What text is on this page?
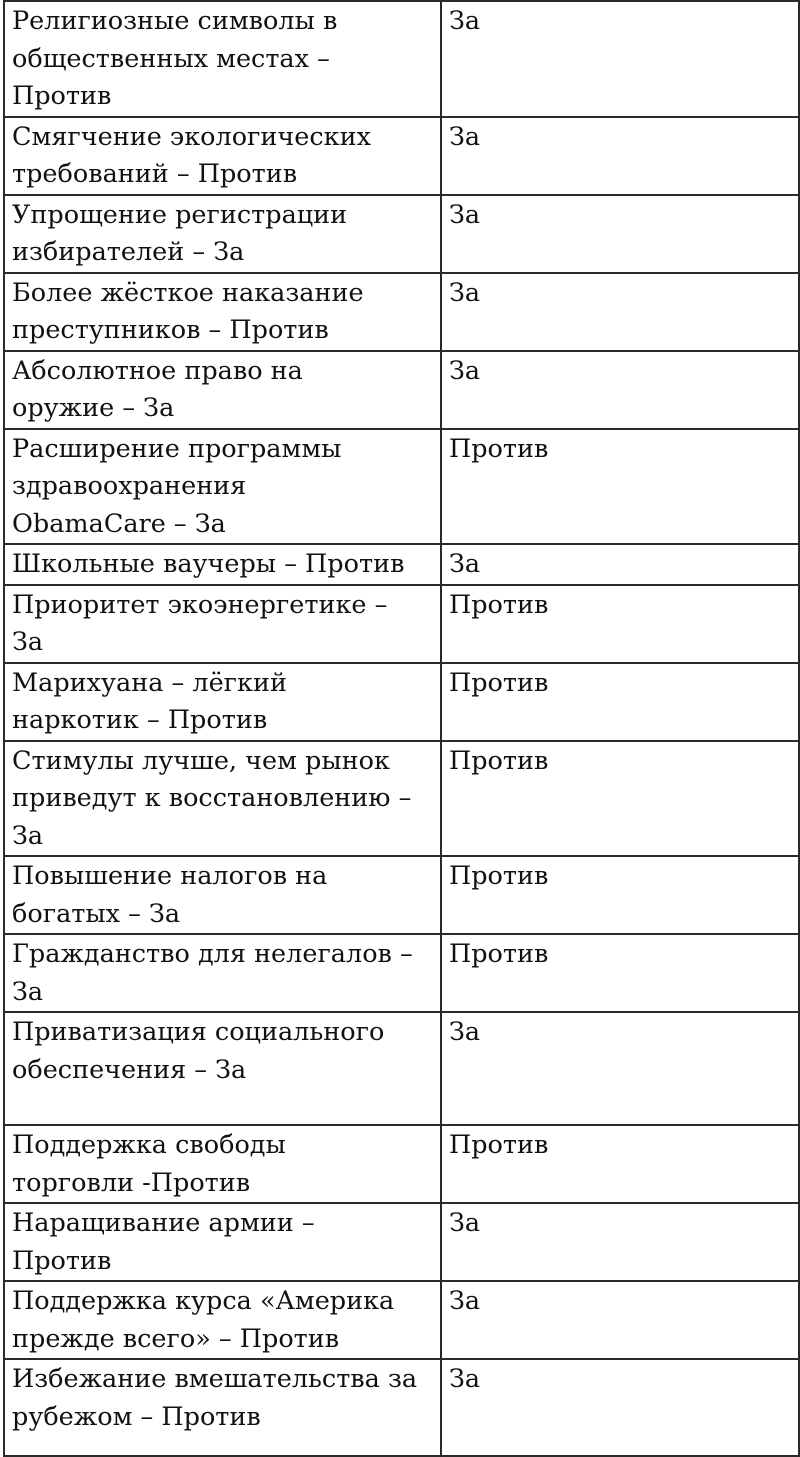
Религиозные символы в
общественных местах –
Против	За

Смягчение экологических
требований – Против	За

Упрощение регистрации
избирателей – За	За

Более жёсткое наказание
преступников – Против	За

Абсолютное право на
оружие – За	За

Расширение программы
здравоохранения
ObamaCare – За	Против

Школьные ваучеры – Против	За

Приоритет экоэнергетике –
За	Против

Марихуана – лёгкий
наркотик – Против	Против

Стимулы лучше, чем рынок
приведут к восстановлению –
За	Против

Повышение налогов на
богатых – За	Против

Гражданство для нелегалов –
За	Против

Приватизация социального
обеспечения – За	За

Поддержка свободы
торговли -Против	Против

Наращивание армии –
Против	За

Поддержка курса «Америка
прежде всего» – Против	За

Избежание вмешательства за
рубежом – Против	За
